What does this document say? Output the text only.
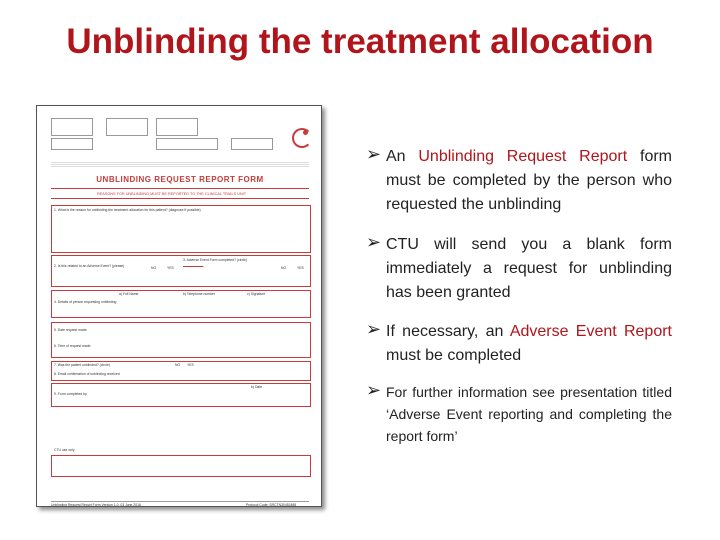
Unblinding the treatment allocation
UNBLINDING REQUEST REPORT FORM
REASONS FOR UNBLINDING MUST BE REPORTED TO THE CLINICAL TRIALS UNIT
1. What is the reason for unblinding the treatment allocation for this patient? (diagnose if possible)
2. Is this related to an Adverse Event? (please)	NO	YES
3. Adverse Event Form completed? (circle)
▬▬▬▬▬▬	NO	YES
4. Details of person requesting unblinding
a) Full Name	b) Telephone number	c) Signature
5. Date request made
6. Time of request made
7. Was the patient unblinded? (circle)
8. Email confirmation of unblinding received
NO YES
9. Form completed by
b) Date
CTU use only
Unblinding Request Report Form Version 1.0, 03 June 2016	Protocol Code: SRCTN30452488
➢ An Unblinding Request Report form must be completed by the person who requested the unblinding
➢ CTU will send you a blank form immediately a request for unblinding has been granted
➢ If necessary, an Adverse Event Report must be completed
➢ For further information see presentation titled ‘Adverse Event reporting and completing the report form’
